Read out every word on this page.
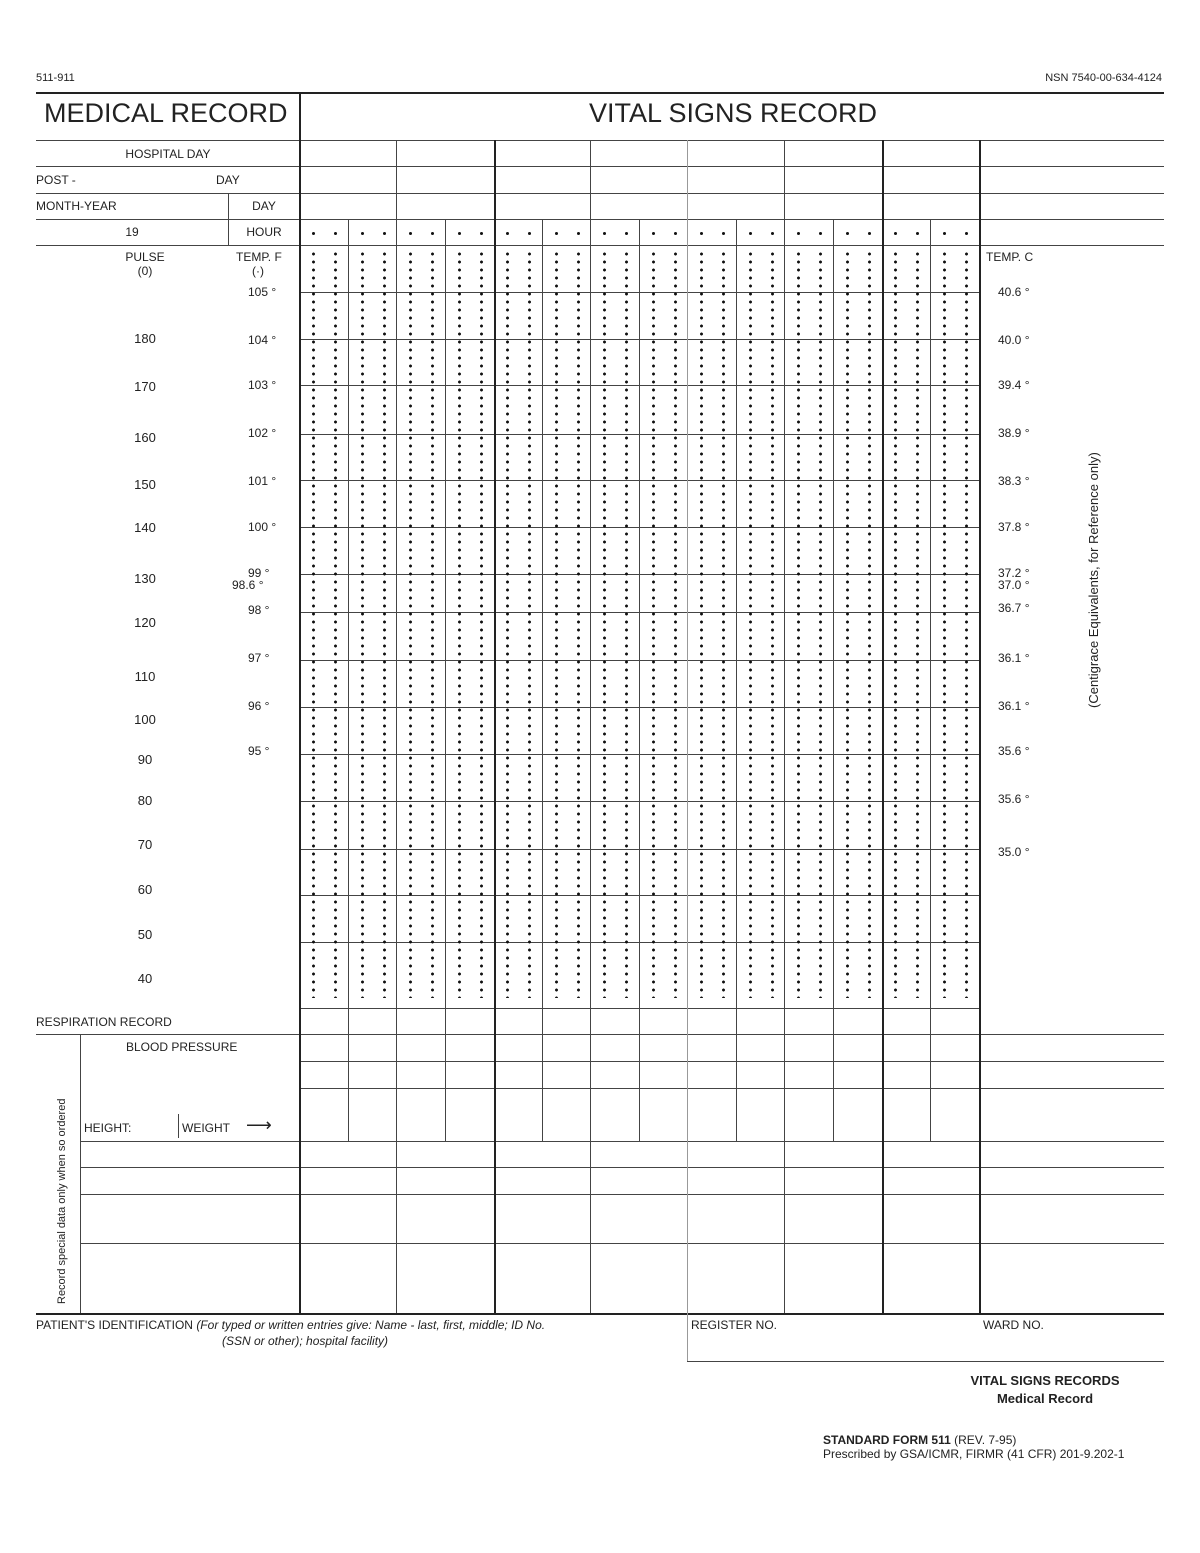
511-911	NSN 7540-00-634-4124
MEDICAL RECORD	VITAL SIGNS RECORD
HOSPITAL DAY
POST -	DAY
MONTH-YEAR	DAY
19	HOUR
PULSE
(0)
TEMP. F
(·)
TEMP. C
180
170
160
150
140
130
120
110
100
90
80
70
60
50
40
105 °
104 °
103 °
102 °
101 °
100 °
99 °
98.6 °
98 °
97 °
96 °
95 °
40.6 °
40.0 °
39.4 °
38.9 °
38.3 °
37.8 °
37.2 °
37.0 °
36.7 °
36.1 °
36.1 °
35.6 °
35.6 °
35.0 °
(Centigrace Equivalents, for Reference only)
RESPIRATION RECORD
BLOOD PRESSURE
HEIGHT:	WEIGHT ⟶
Record special data only when so ordered
PATIENT'S IDENTIFICATION (For typed or written entries give: Name - last, first, middle; ID No.
(SSN or other); hospital facility)
REGISTER NO.	WARD NO.
VITAL SIGNS RECORDS
Medical Record
STANDARD FORM 511 (REV. 7-95)
Prescribed by GSA/ICMR, FIRMR (41 CFR) 201-9.202-1
